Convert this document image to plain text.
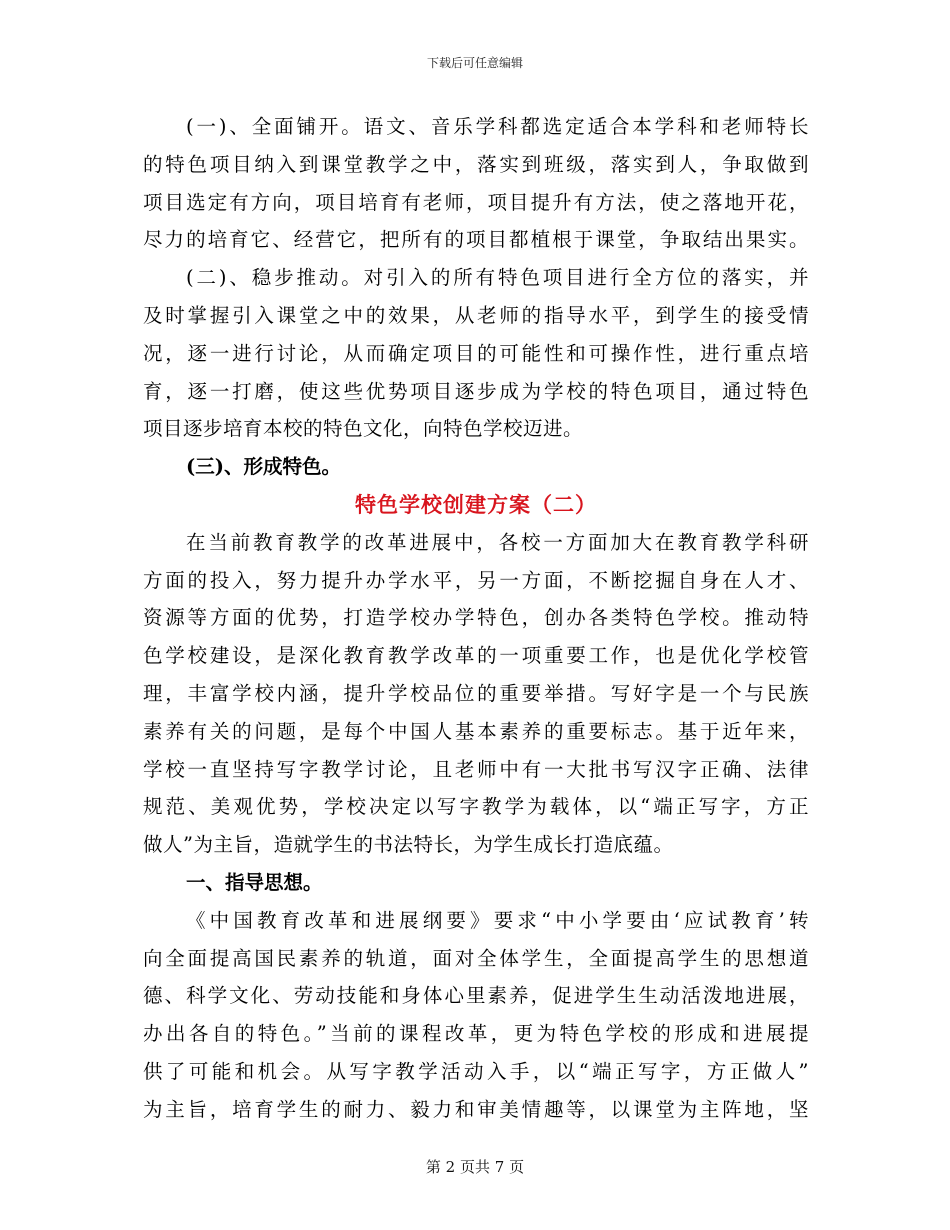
下载后可任意编辑
(一)、全面铺开。语文、音乐学科都选定适合本学科和老师特长
的特色项目纳入到课堂教学之中，落实到班级，落实到人，争取做到
项目选定有方向，项目培育有老师，项目提升有方法，使之落地开花，
尽力的培育它、经营它，把所有的项目都植根于课堂，争取结出果实。
(二)、稳步推动。对引入的所有特色项目进行全方位的落实，并
及时掌握引入课堂之中的效果，从老师的指导水平，到学生的接受情
况，逐一进行讨论，从而确定项目的可能性和可操作性，进行重点培
育，逐一打磨，使这些优势项目逐步成为学校的特色项目，通过特色
项目逐步培育本校的特色文化，向特色学校迈进。
(三)、形成特色。
特色学校创建方案（二）
在当前教育教学的改革进展中，各校一方面加大在教育教学科研
方面的投入，努力提升办学水平，另一方面，不断挖掘自身在人才、
资源等方面的优势，打造学校办学特色，创办各类特色学校。推动特
色学校建设，是深化教育教学改革的一项重要工作，也是优化学校管
理，丰富学校内涵，提升学校品位的重要举措。写好字是一个与民族
素养有关的问题，是每个中国人基本素养的重要标志。基于近年来，
学校一直坚持写字教学讨论，且老师中有一大批书写汉字正确、法律
规范、美观优势，学校决定以写字教学为载体，以“端正写字，方正
做人”为主旨，造就学生的书法特长，为学生成长打造底蕴。
一、指导思想。
《中国教育改革和进展纲要》要求“中小学要由‘应试教育’转
向全面提高国民素养的轨道，面对全体学生，全面提高学生的思想道
德、科学文化、劳动技能和身体心里素养，促进学生生动活泼地进展，
办出各自的特色。”当前的课程改革，更为特色学校的形成和进展提
供了可能和机会。从写字教学活动入手，以“端正写字，方正做人”
为主旨，培育学生的耐力、毅力和审美情趣等，以课堂为主阵地，坚
第 2 页共 7 页
